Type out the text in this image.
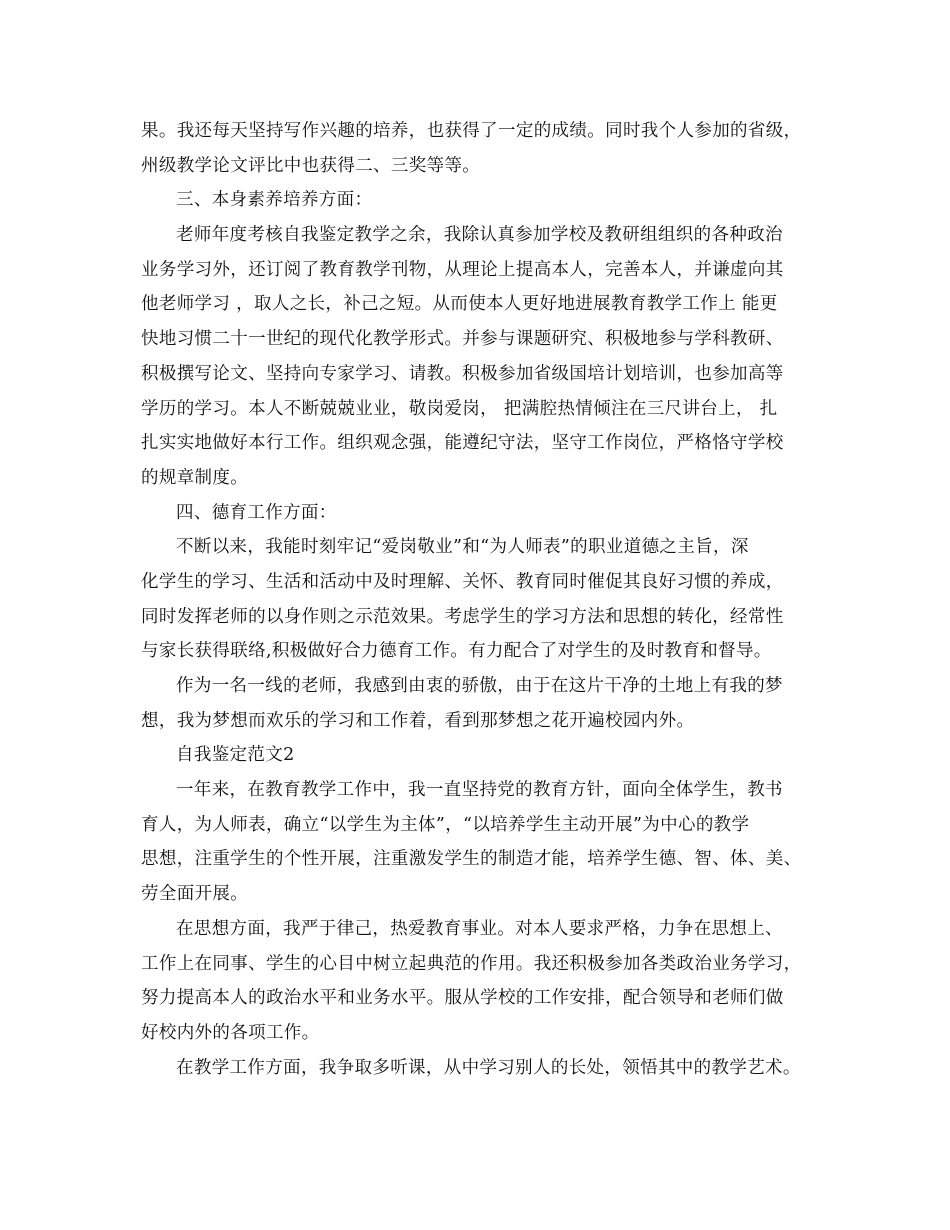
果。我还每天坚持写作兴趣的培养，也获得了一定的成绩。同时我个人参加的省级，
州级教学论文评比中也获得二、三奖等等。
三、本身素养培养方面：
老师年度考核自我鉴定教学之余，我除认真参加学校及教研组组织的各种政治
业务学习外，还订阅了教育教学刊物，从理论上提高本人，完善本人，并谦虚向其
他老师学习 ，取人之长，补己之短。从而使本人更好地进展教育教学工作上 能更
快地习惯二十一世纪的现代化教学形式。并参与课题研究、积极地参与学科教研、
积极撰写论文、坚持向专家学习、请教。积极参加省级国培计划培训，也参加高等
学历的学习。本人不断兢兢业业，敬岗爱岗， 把满腔热情倾注在三尺讲台上， 扎
扎实实地做好本行工作。组织观念强，能遵纪守法，坚守工作岗位，严格恪守学校
的规章制度。
四、德育工作方面：
不断以来，我能时刻牢记“爱岗敬业”和“为人师表”的职业道德之主旨，深
化学生的学习、生活和活动中及时理解、关怀、教育同时催促其良好习惯的养成，
同时发挥老师的以身作则之示范效果。考虑学生的学习方法和思想的转化，经常性
与家长获得联络,积极做好合力德育工作。有力配合了对学生的及时教育和督导。
作为一名一线的老师，我感到由衷的骄傲，由于在这片干净的土地上有我的梦
想，我为梦想而欢乐的学习和工作着，看到那梦想之花开遍校园内外。
自我鉴定范文2
一年来，在教育教学工作中，我一直坚持党的教育方针，面向全体学生，教书
育人，为人师表，确立“以学生为主体”，“以培养学生主动开展”为中心的教学
思想，注重学生的个性开展，注重激发学生的制造才能，培养学生德、智、体、美、
劳全面开展。
在思想方面，我严于律己，热爱教育事业。对本人要求严格，力争在思想上、
工作上在同事、学生的心目中树立起典范的作用。我还积极参加各类政治业务学习，
努力提高本人的政治水平和业务水平。服从学校的工作安排，配合领导和老师们做
好校内外的各项工作。
在教学工作方面，我争取多听课，从中学习别人的长处，领悟其中的教学艺术。
